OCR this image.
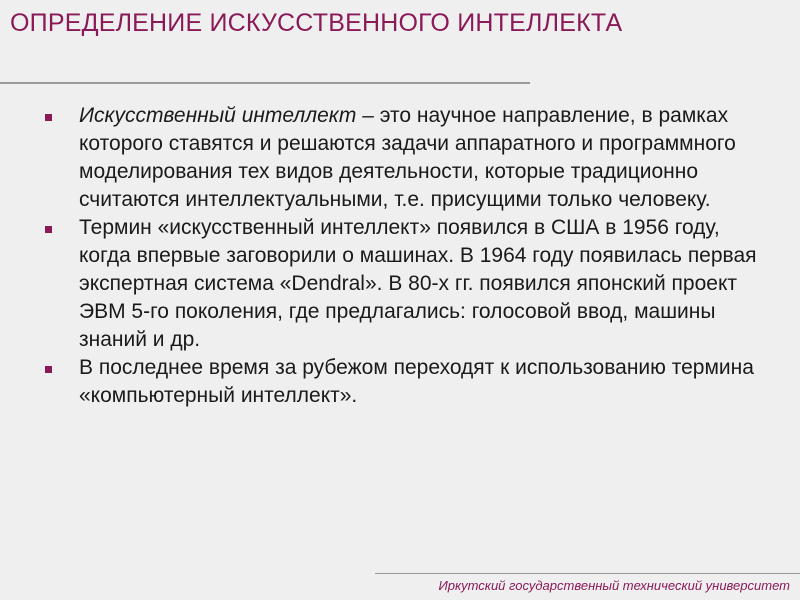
ОПРЕДЕЛЕНИЕ ИСКУССТВЕННОГО ИНТЕЛЛЕКТА
Искусственный интеллект – это научное направление, в рамках которого ставятся и решаются задачи аппаратного и программного моделирования тех видов деятельности, которые традиционно считаются интеллектуальными, т.е. присущими только человеку.
Термин «искусственный интеллект» появился в США в 1956 году, когда впервые заговорили о машинах. В 1964 году появилась первая экспертная система «Dendral». В 80-х гг. появился японский проект ЭВМ 5-го поколения, где предлагались: голосовой ввод, машины знаний и др.
В последнее время за рубежом переходят к использованию термина «компьютерный интеллект».

Иркутский государственный технический университет
